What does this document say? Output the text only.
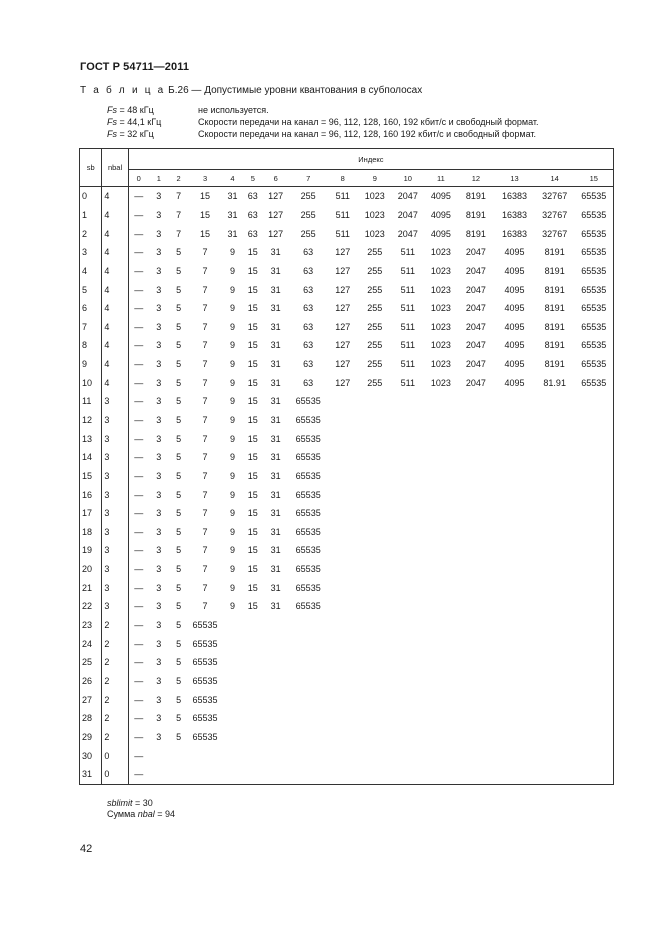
ГОСТ Р 54711—2011
Т а б л и ц а Б.26 — Допустимые уровни квантования в субполосах
Fs = 48 кГц	не используется.
Fs = 44,1 кГц	Скорости передачи на канал = 96, 112, 128, 160, 192 кбит/с и свободный формат.
Fs = 32 кГц	Скорости передачи на канал = 96, 112, 128, 160 192 кбит/с и свободный формат.
sb	nbal	Индекс															
		0	1	2	3	4	5	6	7	8	9	10	11	12	13	14	15
0	4	—	3	7	15	31	63	127	255	511	1023	2047	4095	8191	16383	32767	65535
1	4	—	3	7	15	31	63	127	255	511	1023	2047	4095	8191	16383	32767	65535
2	4	—	3	7	15	31	63	127	255	511	1023	2047	4095	8191	16383	32767	65535
3	4	—	3	5	7	9	15	31	63	127	255	511	1023	2047	4095	8191	65535
4	4	—	3	5	7	9	15	31	63	127	255	511	1023	2047	4095	8191	65535
5	4	—	3	5	7	9	15	31	63	127	255	511	1023	2047	4095	8191	65535
6	4	—	3	5	7	9	15	31	63	127	255	511	1023	2047	4095	8191	65535
7	4	—	3	5	7	9	15	31	63	127	255	511	1023	2047	4095	8191	65535
8	4	—	3	5	7	9	15	31	63	127	255	511	1023	2047	4095	8191	65535
9	4	—	3	5	7	9	15	31	63	127	255	511	1023	2047	4095	8191	65535
10	4	—	3	5	7	9	15	31	63	127	255	511	1023	2047	4095	81.91	65535
11	3	—	3	5	7	9	15	31	65535								
12	3	—	3	5	7	9	15	31	65535								
13	3	—	3	5	7	9	15	31	65535								
14	3	—	3	5	7	9	15	31	65535								
15	3	—	3	5	7	9	15	31	65535								
16	3	—	3	5	7	9	15	31	65535								
17	3	—	3	5	7	9	15	31	65535								
18	3	—	3	5	7	9	15	31	65535								
19	3	—	3	5	7	9	15	31	65535								
20	3	—	3	5	7	9	15	31	65535								
21	3	—	3	5	7	9	15	31	65535								
22	3	—	3	5	7	9	15	31	65535								
23	2	—	3	5	65535												
24	2	—	3	5	65535												
25	2	—	3	5	65535												
26	2	—	3	5	65535												
27	2	—	3	5	65535												
28	2	—	3	5	65535												
29	2	—	3	5	65535												
30	0	—															
31	0	—															
sblimit = 30
Сумма nbal = 94
42
